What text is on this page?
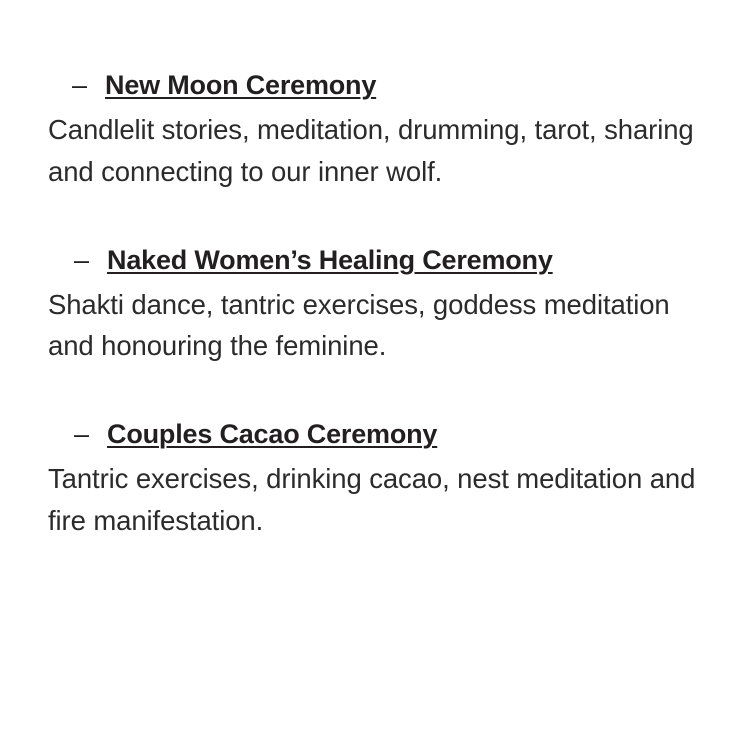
– New Moon Ceremony
Candlelit stories, meditation, drumming, tarot, sharing and connecting to our inner wolf.
– Naked Women’s Healing Ceremony
Shakti dance, tantric exercises, goddess meditation and honouring the feminine.
– Couples Cacao Ceremony
Tantric exercises, drinking cacao, nest meditation and fire manifestation.
